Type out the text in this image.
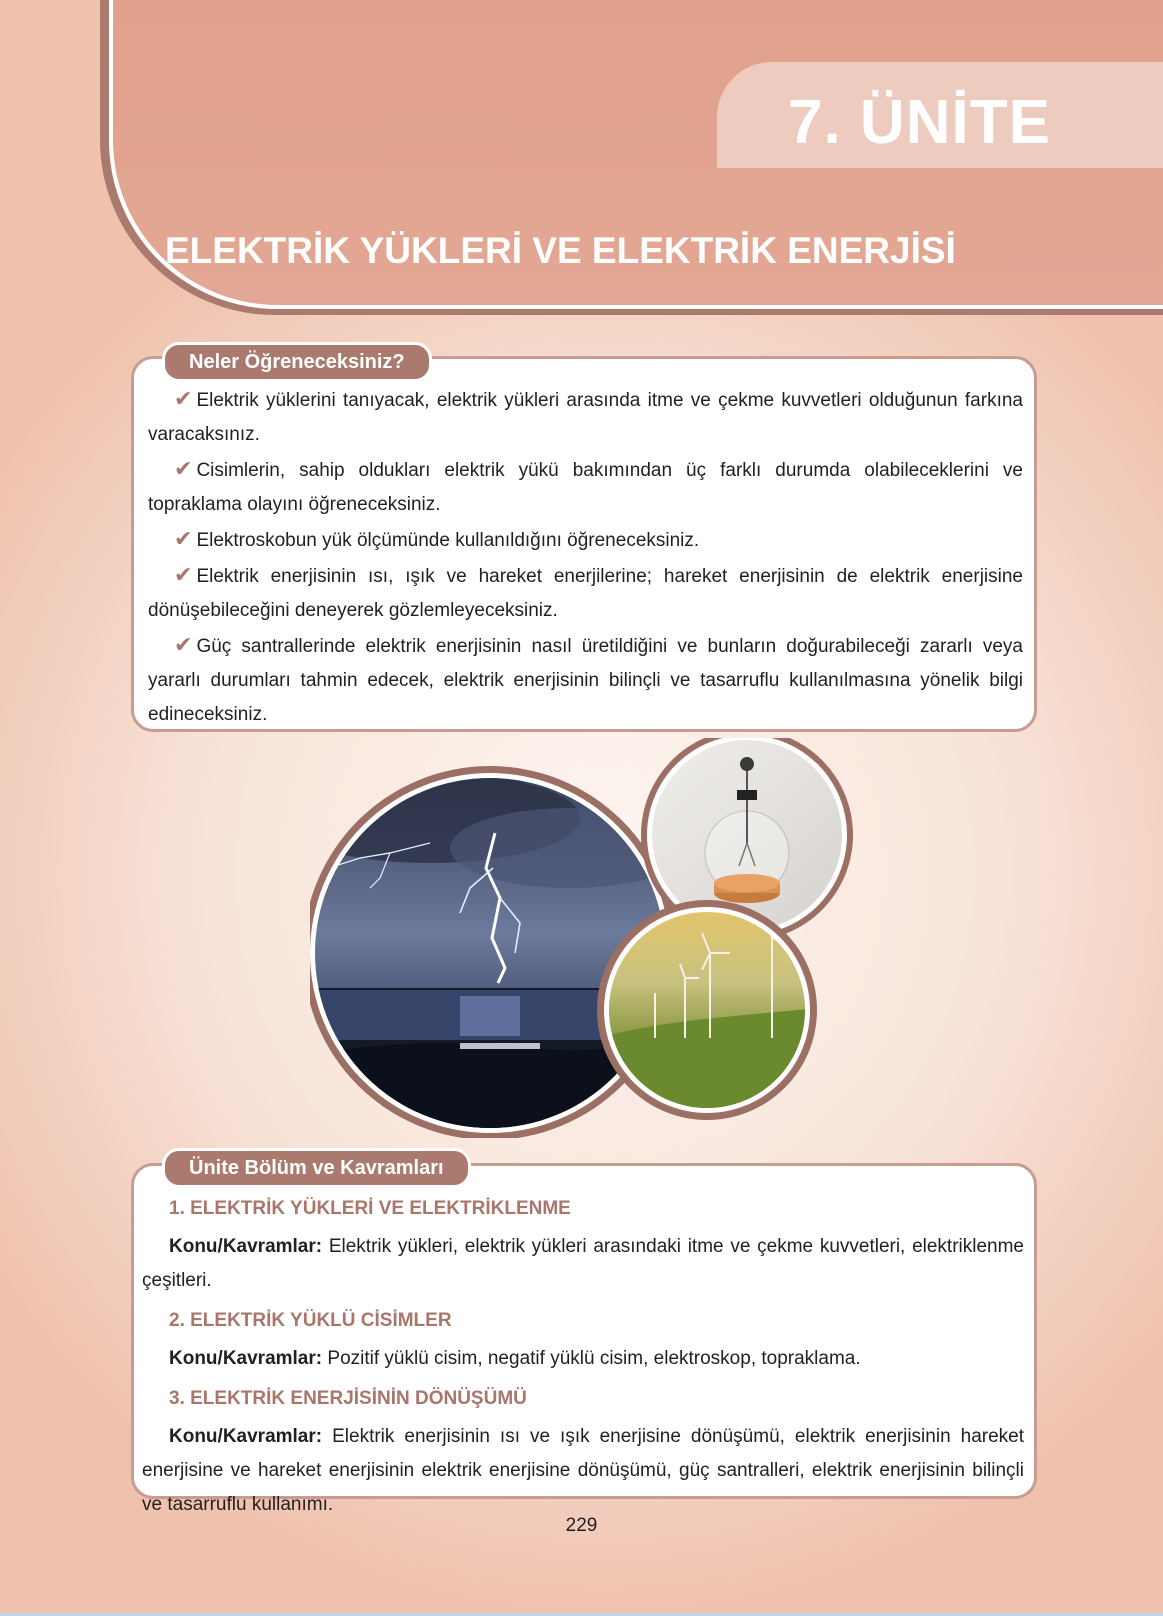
7. ÜNİTE
ELEKTRİK YÜKLERİ VE ELEKTRİK ENERJİSİ
Neler Öğreneceksiniz?
✔ Elektrik yüklerini tanıyacak, elektrik yükleri arasında itme ve çekme kuvvetleri olduğunun farkına varacaksınız.
✔ Cisimlerin, sahip oldukları elektrik yükü bakımından üç farklı durumda olabileceklerini ve topraklama olayını öğreneceksiniz.
✔ Elektroskobun yük ölçümünde kullanıldığını öğreneceksiniz.
✔ Elektrik enerjisinin ısı, ışık ve hareket enerjilerine; hareket enerjisinin de elektrik enerjisine dönüşebileceğini deneyerek gözlemleyeceksiniz.
✔ Güç santrallerinde elektrik enerjisinin nasıl üretildiğini ve bunların doğurabileceği zararlı veya yararlı durumları tahmin edecek, elektrik enerjisinin bilinçli ve tasarruflu kullanılmasına yönelik bilgi edineceksiniz.
Ünite Bölüm ve Kavramları

1. ELEKTRİK YÜKLERİ VE ELEKTRİKLENME

Konu/Kavramlar: Elektrik yükleri, elektrik yükleri arasındaki itme ve çekme kuvvetleri, elektriklenme çeşitleri.

2. ELEKTRİK YÜKLÜ CİSİMLER

Konu/Kavramlar: Pozitif yüklü cisim, negatif yüklü cisim, elektroskop, topraklama.

3. ELEKTRİK ENERJİSİNİN DÖNÜŞÜMÜ

Konu/Kavramlar: Elektrik enerjisinin ısı ve ışık enerjisine dönüşümü, elektrik enerjisinin hareket enerjisine ve hareket enerjisinin elektrik enerjisine dönüşümü, güç santralleri, elektrik enerjisinin bilinçli ve tasarruflu kullanımı.

229
